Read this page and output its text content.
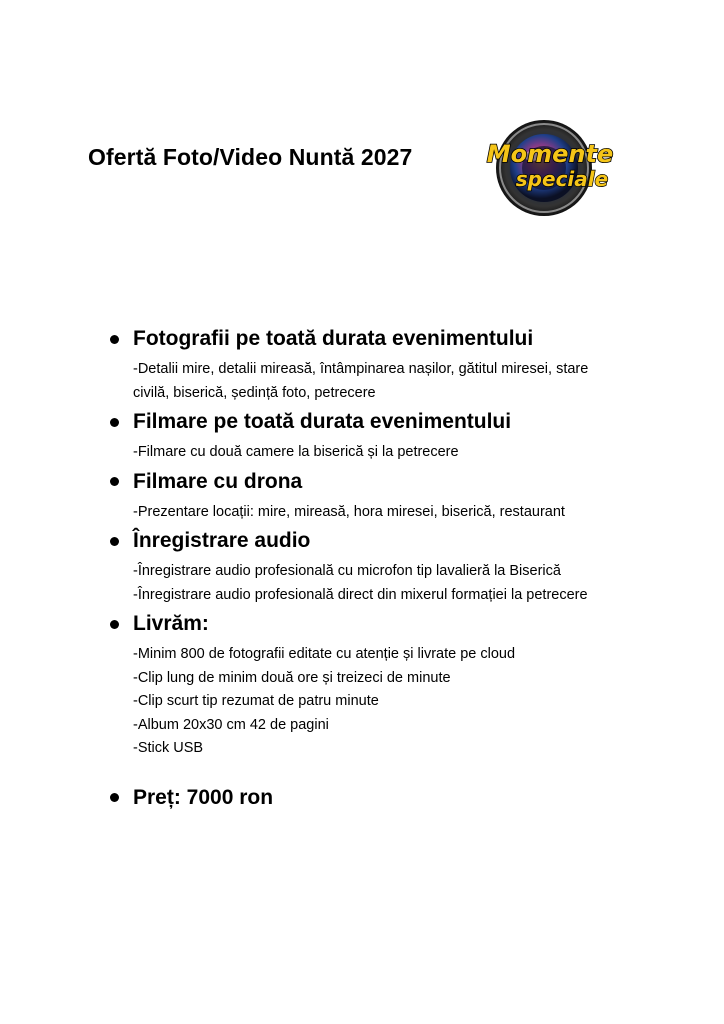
Ofertă Foto/Video Nuntă 2027	Momente
speciale
Fotografii pe toată durata evenimentului
-Detalii mire, detalii mireasă, întâmpinarea nașilor, gătitul miresei, stare
civilă, biserică, ședință foto, petrecere
Filmare pe toată durata evenimentului
-Filmare cu două camere la biserică și la petrecere
Filmare cu drona
-Prezentare locații: mire, mireasă, hora miresei, biserică, restaurant
Înregistrare audio
-Înregistrare audio profesională cu microfon tip lavalieră la Biserică
-Înregistrare audio profesională direct din mixerul formației la petrecere
Livrăm:
-Minim 800 de fotografii editate cu atenție și livrate pe cloud
-Clip lung de minim două ore și treizeci de minute
-Clip scurt tip rezumat de patru minute
-Album 20x30 cm 42 de pagini
-Stick USB
Preț: 7000 ron
